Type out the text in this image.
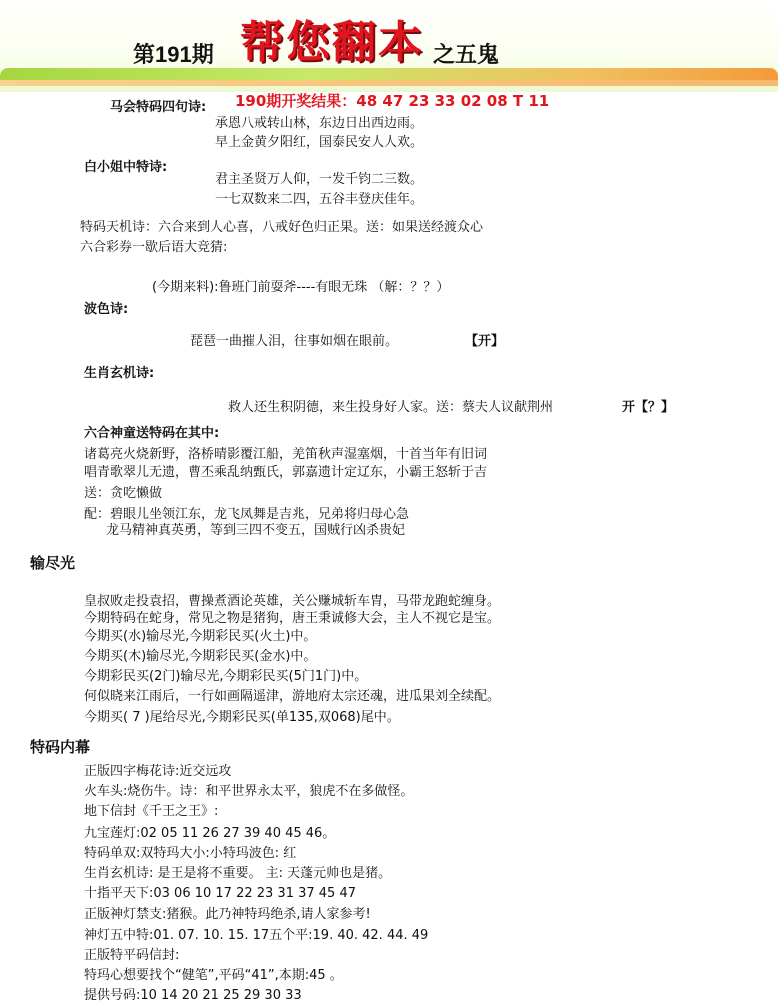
第191期 帮您翻本 之五鬼
马会特码四句诗: 190期开奖结果：48 47 23 33 02 08 T 11
承恩八戒转山林，东边日出西边雨。
早上金黄夕阳红，国泰民安人人欢。
白小姐中特诗:
君主圣贤万人仰，一发千钧二三数。
一七双数来二四，五谷丰登庆佳年。
特码天机诗：六合来到人心喜，八戒好色归正果。送：如果送经渡众心
六合彩券一歇后语大竞猜:
(今期来料):鲁班门前耍斧----有眼无珠 （解：？？）
波色诗:
琵琶一曲摧人泪，往事如烟在眼前。	【开】
生肖玄机诗:
救人还生积阴德，来生投身好人家。送：蔡夫人议献荆州	开【？】
六合神童送特码在其中:
诸葛亮火烧新野，洛桥晴影覆江船，羌笛秋声湿塞烟，十首当年有旧词
唱青歌翠儿无遗，曹丕乘乱纳甄氏，郭嘉遗计定辽东，小霸王怒斩于吉
送：贪吃懒做
配：碧眼儿坐领江东，龙飞凤舞是吉兆，兄弟将归母心急
龙马精神真英勇，等到三四不变五，国贼行凶杀贵妃
输尽光
皇叔败走投袁招，曹操煮酒论英雄，关公赚城斩车胄，马带龙跑蛇缠身。
今期特码在蛇身，常见之物是猪狗，唐王秉诚修大会，主人不视它是宝。
今期买(水)输尽光,今期彩民买(火土)中。
今期买(木)输尽光,今期彩民买(金水)中。
今期彩民买(2门)输尽光,今期彩民买(5门1门)中。
何似晓来江雨后，一行如画隔遥津，游地府太宗还魂，进瓜果刘全续配。
今期买( 7 )尾给尽光,今期彩民买(单135,双068)尾中。
特码内幕
正版四字梅花诗:近交远攻
火车头:烧伤牛。诗：和平世界永太平，狼虎不在多做怪。
地下信封《千王之王》:
九宝莲灯:02 05 11 26 27 39 40 45 46。
特码单双:双特玛大小:小特玛波色: 红
生肖玄机诗: 是王是将不重要。 主: 天蓬元帅也是猪。
十指平天下:03 06 10 17 22 23 31 37 45 47
正版神灯禁支:猪猴。此乃神特玛绝杀,请人家参考!
神灯五中特:01. 07. 10. 15. 17五个平:19. 40. 42. 44. 49
正版特平码信封:
特玛心想要找个“健笔”,平码“41”,本期:45 。
提供号码:10 14 20 21 25 29 30 33
